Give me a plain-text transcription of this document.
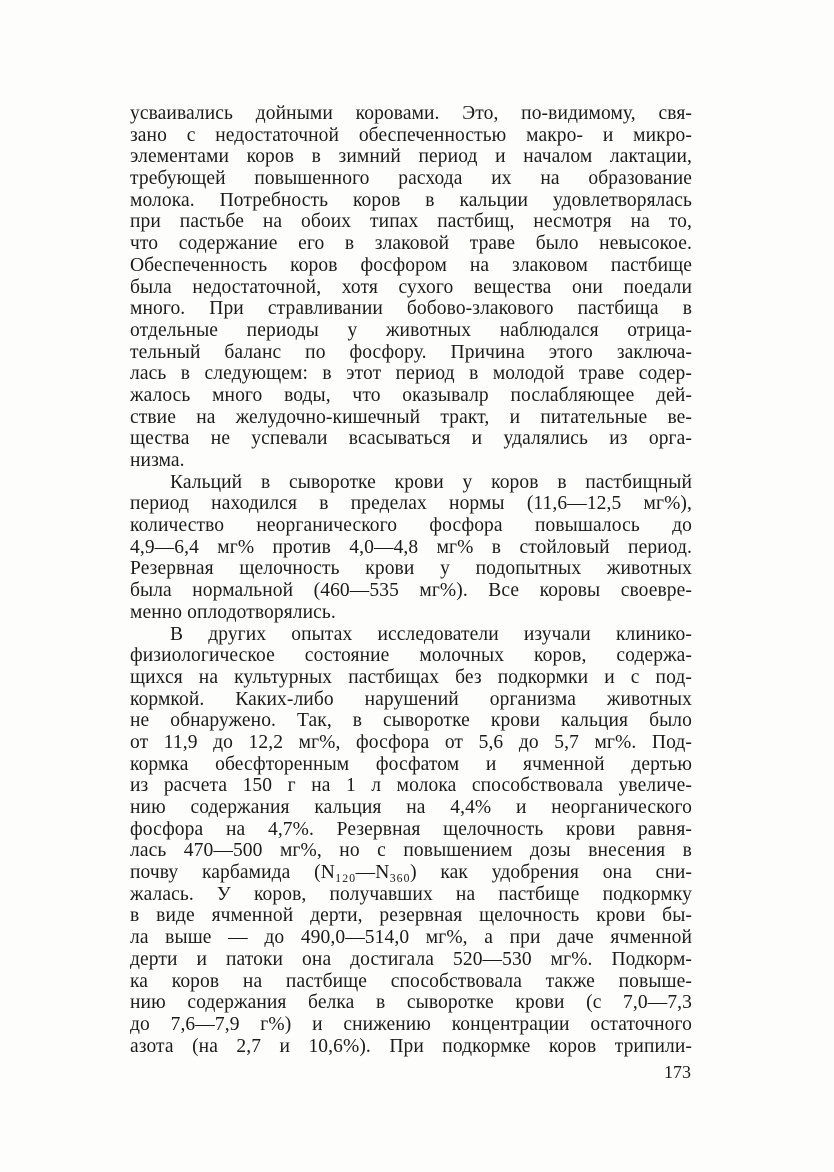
усваивались дойными коровами. Это, по-видимому, свя-
зано с недостаточной обеспеченностью макро- и микро-
элементами коров в зимний период и началом лактации,
требующей повышенного расхода их на образование
молока. Потребность коров в кальции удовлетворялась
при пастьбе на обоих типах пастбищ, несмотря на то,
что содержание его в злаковой траве было невысокое.
Обеспеченность коров фосфором на злаковом пастбище
была недостаточной, хотя сухого вещества они поедали
много. При стравливании бобово-злакового пастбища в
отдельные периоды у животных наблюдался отрица-
тельный баланс по фосфору. Причина этого заключа-
лась в следующем: в этот период в молодой траве содер-
жалось много воды, что оказывалр послабляющее дей-
ствие на желудочно-кишечный тракт, и питательные ве-
щества не успевали всасываться и удалялись из орга-
низма.
Кальций в сыворотке крови у коров в пастбищный
период находился в пределах нормы (11,6—12,5 мг%),
количество неорганического фосфора повышалось до
4,9—6,4 мг% против 4,0—4,8 мг% в стойловый период.
Резервная щелочность крови у подопытных животных
была нормальной (460—535 мг%). Все коровы своевре-
менно оплодотворялись.
В других опытах исследователи изучали клинико-
физиологическое состояние молочных коров, содержа-
щихся на культурных пастбищах без подкормки и с под-
кормкой. Каких-либо нарушений организма животных
не обнаружено. Так, в сыворотке крови кальция было
от 11,9 до 12,2 мг%, фосфора от 5,6 до 5,7 мг%. Под-
кормка обесфторенным фосфатом и ячменной дертью
из расчета 150 г на 1 л молока способствовала увеличе-
нию содержания кальция на 4,4% и неорганического
фосфора на 4,7%. Резервная щелочность крови равня-
лась 470—500 мг%, но с повышением дозы внесения в
почву карбамида (N₁₂₀—N₃₆₀) как удобрения она сни-
жалась. У коров, получавших на пастбище подкормку
в виде ячменной дерти, резервная щелочность крови бы-
ла выше — до 490,0—514,0 мг%, а при даче ячменной
дерти и патоки она достигала 520—530 мг%. Подкорм-
ка коров на пастбище способствовала также повыше-
нию содержания белка в сыворотке крови (с 7,0—7,3
до 7,6—7,9 г%) и снижению концентрации остаточного
азота (на 2,7 и 10,6%). При подкормке коров трипили-
173
